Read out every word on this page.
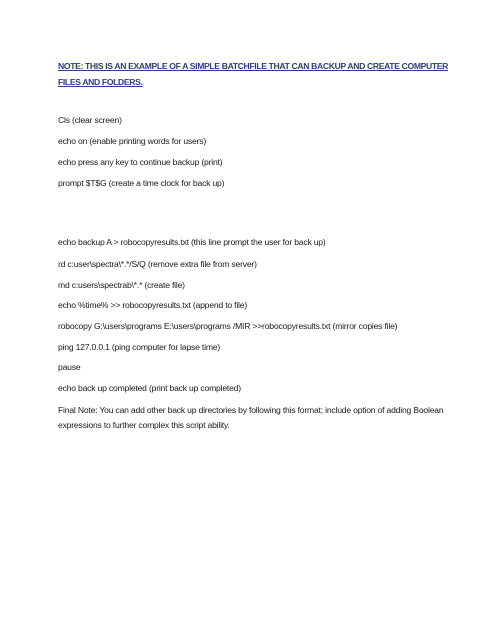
NOTE: THIS IS AN EXAMPLE OF A SIMPLE BATCHFILE THAT CAN BACKUP AND CREATE COMPUTER FILES AND FOLDERS.

Cls (clear screen)

echo on (enable printing words for users)

echo press any key to continue backup (print)

prompt $T$G (create a time clock for back up)

echo backup A > robocopyresults.txt (this line prompt the user for back up)

rd c:user\spectra\*.*/S/Q (remove extra file from server)

md c:users\spectrab\*.* (create file)

echo %time% >> robocopyresults.txt (append to file)

robocopy G:\users\programs E:\users\programs /MIR >>robocopyresults.txt (mirror copies file)

ping 127.0.0.1 (ping computer for lapse time)

pause

echo back up completed (print back up completed)

Final Note: You can add other back up directories by following this format; include option of adding Boolean expressions to further complex this script ability.
